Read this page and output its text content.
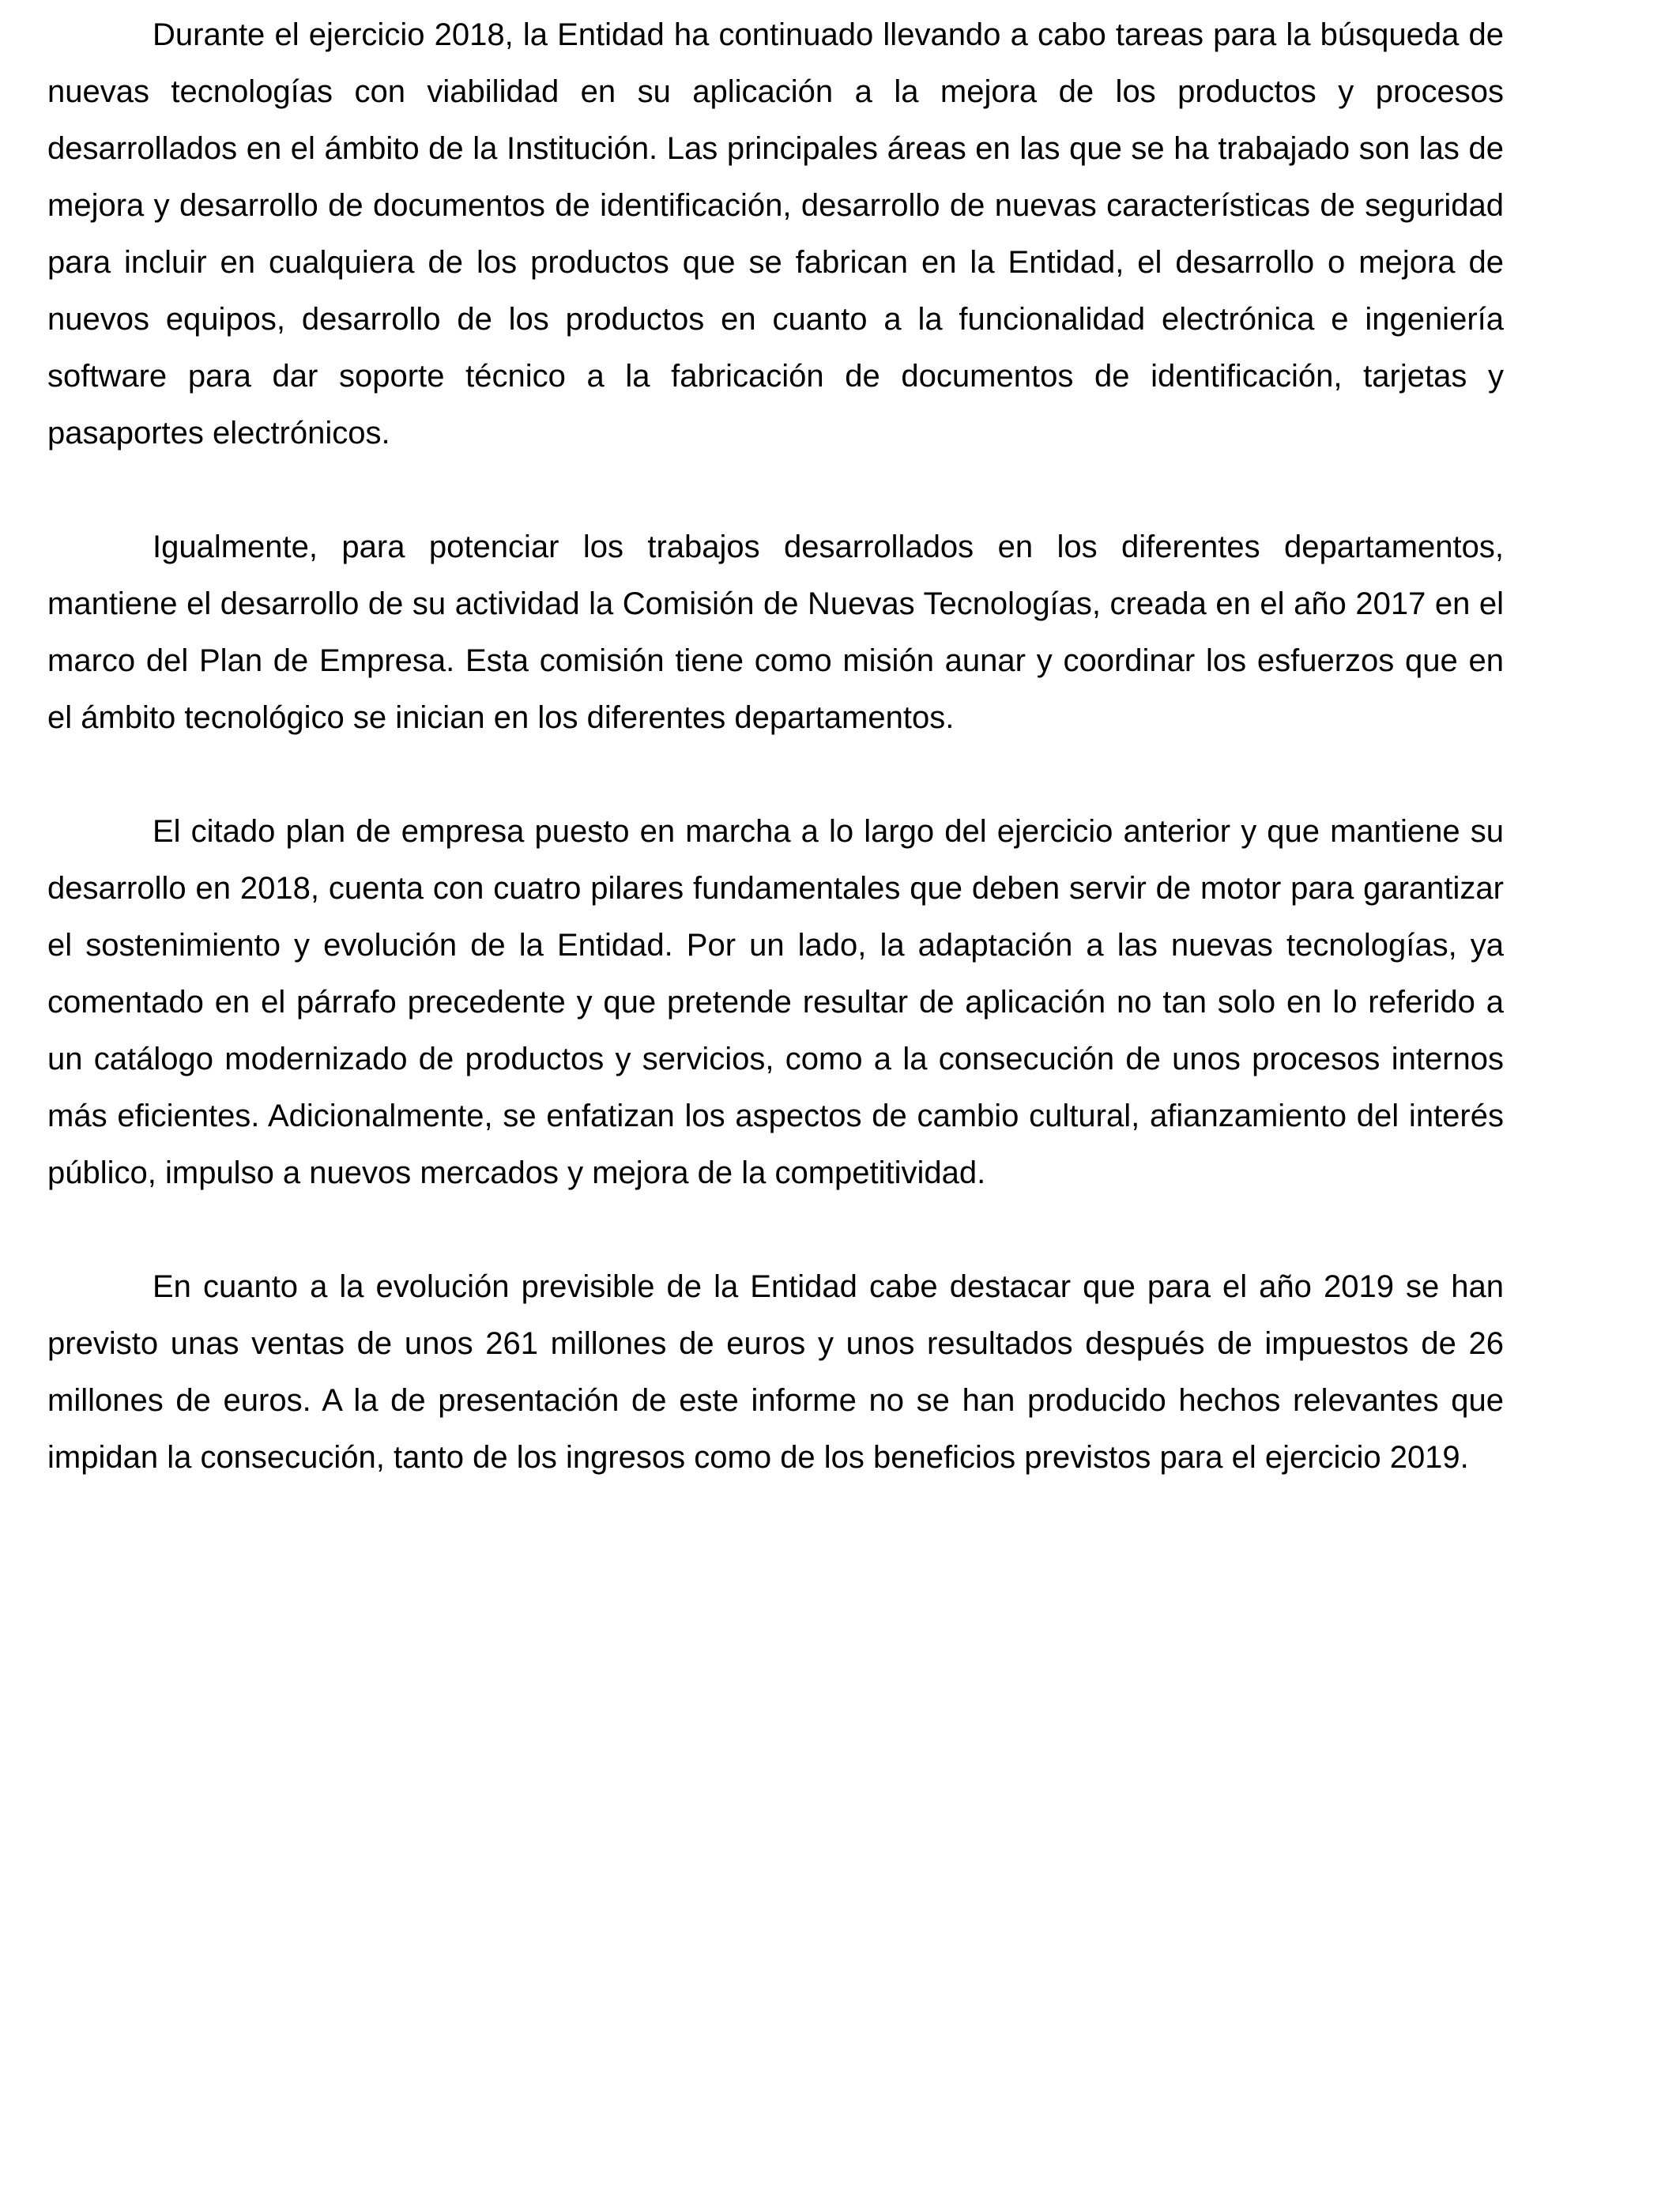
Durante el ejercicio 2018, la Entidad ha continuado llevando a cabo tareas para la búsqueda de nuevas tecnologías con viabilidad en su aplicación a la mejora de los productos y procesos desarrollados en el ámbito de la Institución. Las principales áreas en las que se ha trabajado son las de mejora y desarrollo de documentos de identificación, desarrollo de nuevas características de seguridad para incluir en cualquiera de los productos que se fabrican en la Entidad, el desarrollo o mejora de nuevos equipos, desarrollo de los productos en cuanto a la funcionalidad electrónica e ingeniería software para dar soporte técnico a la fabricación de documentos de identificación, tarjetas y pasaportes electrónicos.

Igualmente, para potenciar los trabajos desarrollados en los diferentes departamentos, mantiene el desarrollo de su actividad la Comisión de Nuevas Tecnologías, creada en el año 2017 en el marco del Plan de Empresa. Esta comisión tiene como misión aunar y coordinar los esfuerzos que en el ámbito tecnológico se inician en los diferentes departamentos.

El citado plan de empresa puesto en marcha a lo largo del ejercicio anterior y que mantiene su desarrollo en 2018, cuenta con cuatro pilares fundamentales que deben servir de motor para garantizar el sostenimiento y evolución de la Entidad. Por un lado, la adaptación a las nuevas tecnologías, ya comentado en el párrafo precedente y que pretende resultar de aplicación no tan solo en lo referido a un catálogo modernizado de productos y servicios, como a la consecución de unos procesos internos más eficientes. Adicionalmente, se enfatizan los aspectos de cambio cultural, afianzamiento del interés público, impulso a nuevos mercados y mejora de la competitividad.

En cuanto a la evolución previsible de la Entidad cabe destacar que para el año 2019 se han previsto unas ventas de unos 261 millones de euros y unos resultados después de impuestos de 26 millones de euros. A la de presentación de este informe no se han producido hechos relevantes que impidan la consecución, tanto de los ingresos como de los beneficios previstos para el ejercicio 2019.
